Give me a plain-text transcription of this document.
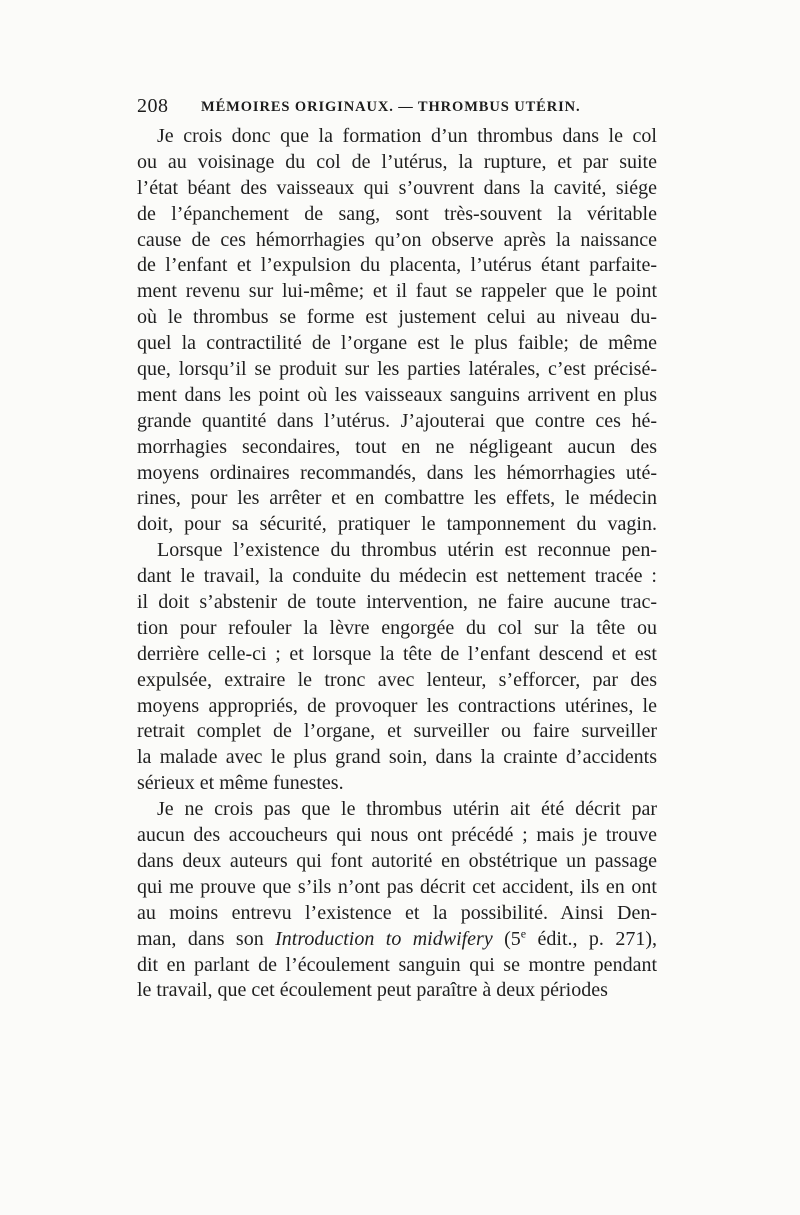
208 MÉMOIRES ORIGINAUX. — THROMBUS UTÉRIN.
Je crois donc que la formation d’un thrombus dans le col
ou au voisinage du col de l’utérus, la rupture, et par suite
l’état béant des vaisseaux qui s’ouvrent dans la cavité, siége
de l’épanchement de sang, sont très-souvent la véritable
cause de ces hémorrhagies qu’on observe après la naissance
de l’enfant et l’expulsion du placenta, l’utérus étant parfaite-
ment revenu sur lui-même; et il faut se rappeler que le point
où le thrombus se forme est justement celui au niveau du-
quel la contractilité de l’organe est le plus faible; de même
que, lorsqu’il se produit sur les parties latérales, c’est précisé-
ment dans les point où les vaisseaux sanguins arrivent en plus
grande quantité dans l’utérus. J’ajouterai que contre ces hé-
morrhagies secondaires, tout en ne négligeant aucun des
moyens ordinaires recommandés, dans les hémorrhagies uté-
rines, pour les arrêter et en combattre les effets, le médecin
doit, pour sa sécurité, pratiquer le tamponnement du vagin.
Lorsque l’existence du thrombus utérin est reconnue pen-
dant le travail, la conduite du médecin est nettement tracée :
il doit s’abstenir de toute intervention, ne faire aucune trac-
tion pour refouler la lèvre engorgée du col sur la tête ou
derrière celle-ci ; et lorsque la tête de l’enfant descend et est
expulsée, extraire le tronc avec lenteur, s’efforcer, par des
moyens appropriés, de provoquer les contractions utérines, le
retrait complet de l’organe, et surveiller ou faire surveiller
la malade avec le plus grand soin, dans la crainte d’accidents
sérieux et même funestes.
Je ne crois pas que le thrombus utérin ait été décrit par
aucun des accoucheurs qui nous ont précédé ; mais je trouve
dans deux auteurs qui font autorité en obstétrique un passage
qui me prouve que s’ils n’ont pas décrit cet accident, ils en ont
au moins entrevu l’existence et la possibilité. Ainsi Den-
man, dans son Introduction to midwifery (5e édit., p. 271),
dit en parlant de l’écoulement sanguin qui se montre pendant
le travail, que cet écoulement peut paraître à deux périodes
